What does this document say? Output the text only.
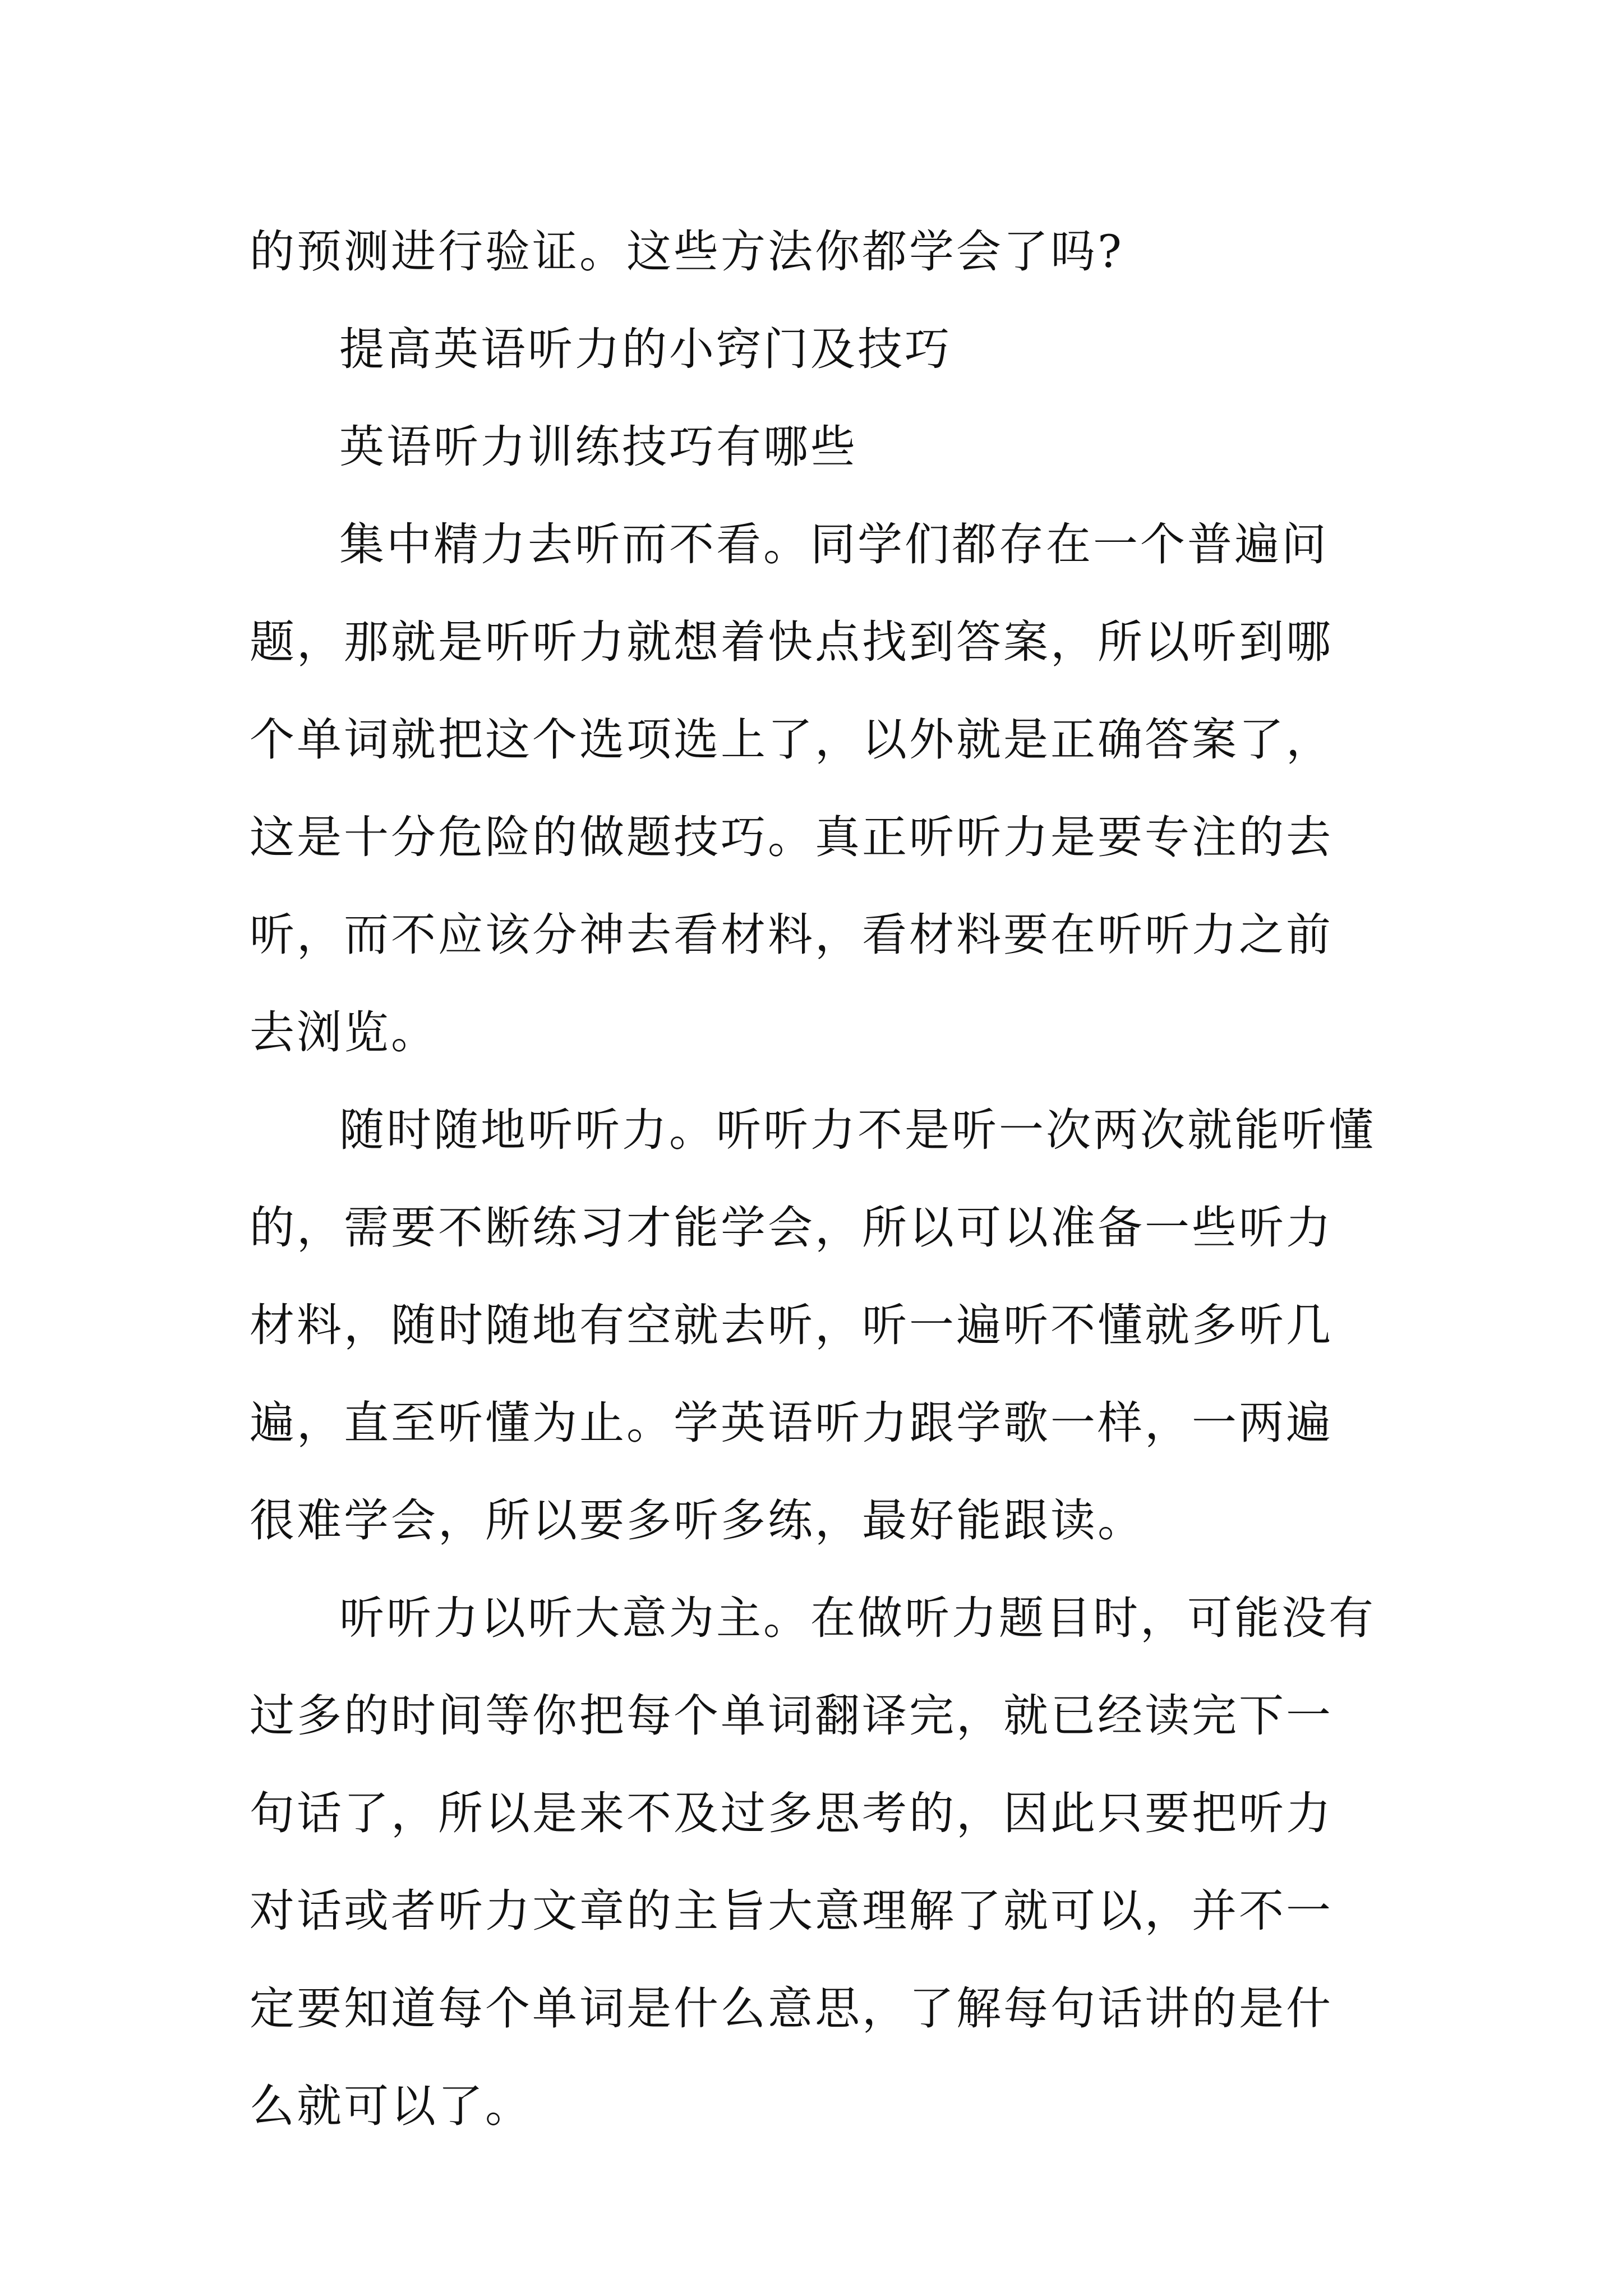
的预测进行验证。这些方法你都学会了吗?

提高英语听力的小窍门及技巧

英语听力训练技巧有哪些

集中精力去听而不看。同学们都存在一个普遍问题，那就是听听力就想着快点找到答案，所以听到哪个单词就把这个选项选上了，以外就是正确答案了，这是十分危险的做题技巧。真正听听力是要专注的去听，而不应该分神去看材料，看材料要在听听力之前去浏览。

随时随地听听力。听听力不是听一次两次就能听懂的，需要不断练习才能学会，所以可以准备一些听力材料，随时随地有空就去听，听一遍听不懂就多听几遍，直至听懂为止。学英语听力跟学歌一样，一两遍很难学会，所以要多听多练，最好能跟读。

听听力以听大意为主。在做听力题目时，可能没有过多的时间等你把每个单词翻译完，就已经读完下一句话了，所以是来不及过多思考的，因此只要把听力对话或者听力文章的主旨大意理解了就可以，并不一定要知道每个单词是什么意思，了解每句话讲的是什么就可以了。
